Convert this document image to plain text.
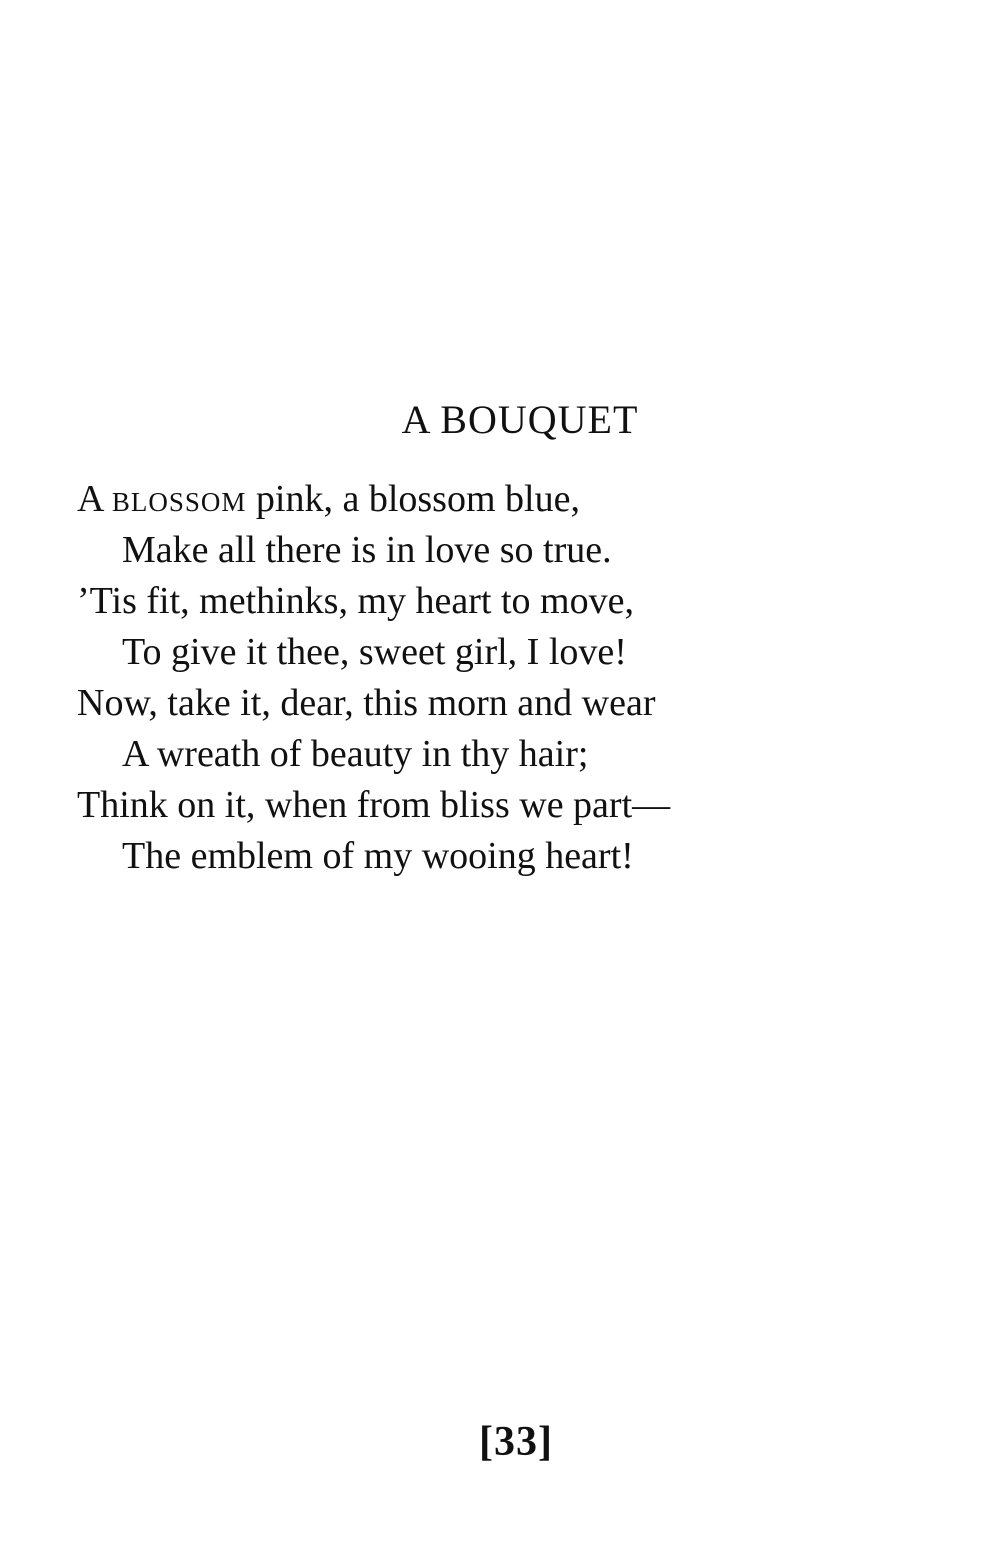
A BOUQUET
A blossom pink, a blossom blue,
Make all there is in love so true.
’Tis fit, methinks, my heart to move,
To give it thee, sweet girl, I love!
Now, take it, dear, this morn and wear
A wreath of beauty in thy hair;
Think on it, when from bliss we part—
The emblem of my wooing heart!
[33]
